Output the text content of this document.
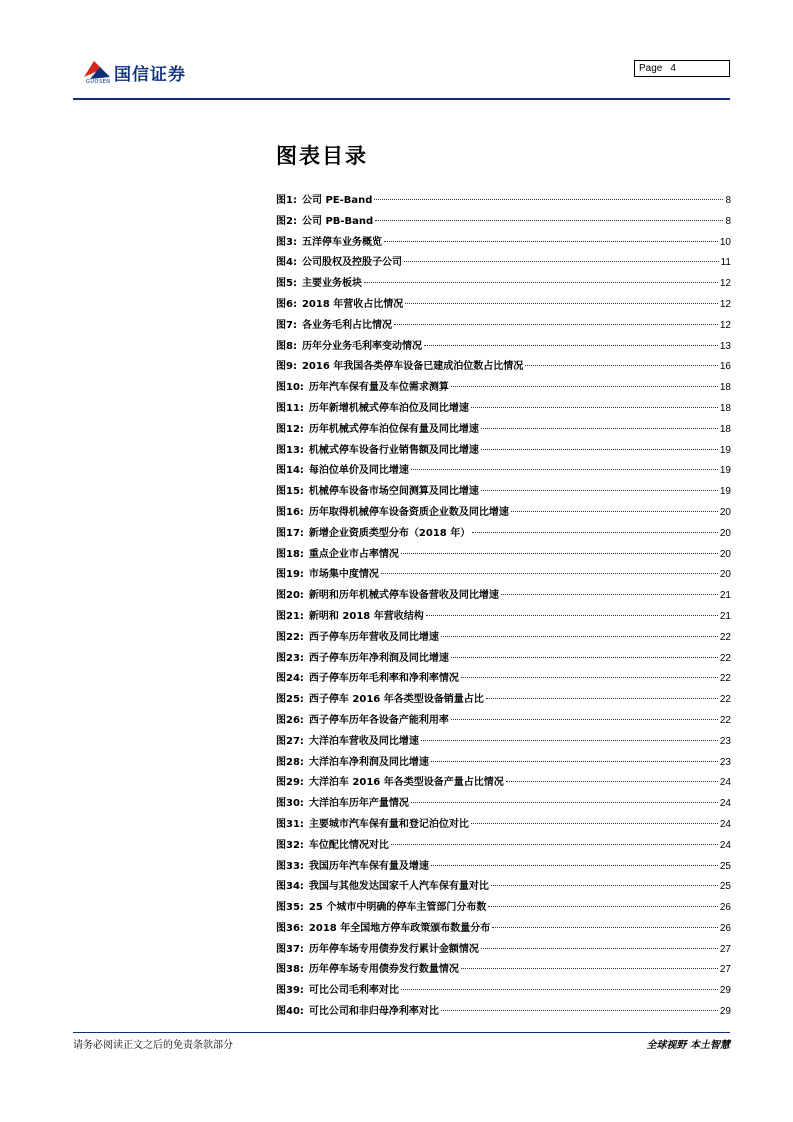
国信证券
GUOSEN
Page 4
图表目录
图1: 公司 PE-Band	8
图2: 公司 PB-Band	8
图3: 五洋停车业务概览	10
图4: 公司股权及控股子公司	11
图5: 主要业务板块	12
图6: 2018 年营收占比情况	12
图7: 各业务毛利占比情况	12
图8: 历年分业务毛利率变动情况	13
图9: 2016 年我国各类停车设备已建成泊位数占比情况	16
图10: 历年汽车保有量及车位需求测算	18
图11: 历年新增机械式停车泊位及同比增速	18
图12: 历年机械式停车泊位保有量及同比增速	18
图13: 机械式停车设备行业销售额及同比增速	19
图14: 每泊位单价及同比增速	19
图15: 机械停车设备市场空间测算及同比增速	19
图16: 历年取得机械停车设备资质企业数及同比增速	20
图17: 新增企业资质类型分布（2018 年）	20
图18: 重点企业市占率情况	20
图19: 市场集中度情况	20
图20: 新明和历年机械式停车设备营收及同比增速	21
图21: 新明和 2018 年营收结构	21
图22: 西子停车历年营收及同比增速	22
图23: 西子停车历年净利润及同比增速	22
图24: 西子停车历年毛利率和净利率情况	22
图25: 西子停车 2016 年各类型设备销量占比	22
图26: 西子停车历年各设备产能利用率	22
图27: 大洋泊车营收及同比增速	23
图28: 大洋泊车净利润及同比增速	23
图29: 大洋泊车 2016 年各类型设备产量占比情况	24
图30: 大洋泊车历年产量情况	24
图31: 主要城市汽车保有量和登记泊位对比	24
图32: 车位配比情况对比	24
图33: 我国历年汽车保有量及增速	25
图34: 我国与其他发达国家千人汽车保有量对比	25
图35: 25 个城市中明确的停车主管部门分布数	26
图36: 2018 年全国地方停车政策颁布数量分布	26
图37: 历年停车场专用债券发行累计金额情况	27
图38: 历年停车场专用债券发行数量情况	27
图39: 可比公司毛利率对比	29
图40: 可比公司和非归母净利率对比	29
请务必阅读正文之后的免责条款部分	全球视野 本土智慧
